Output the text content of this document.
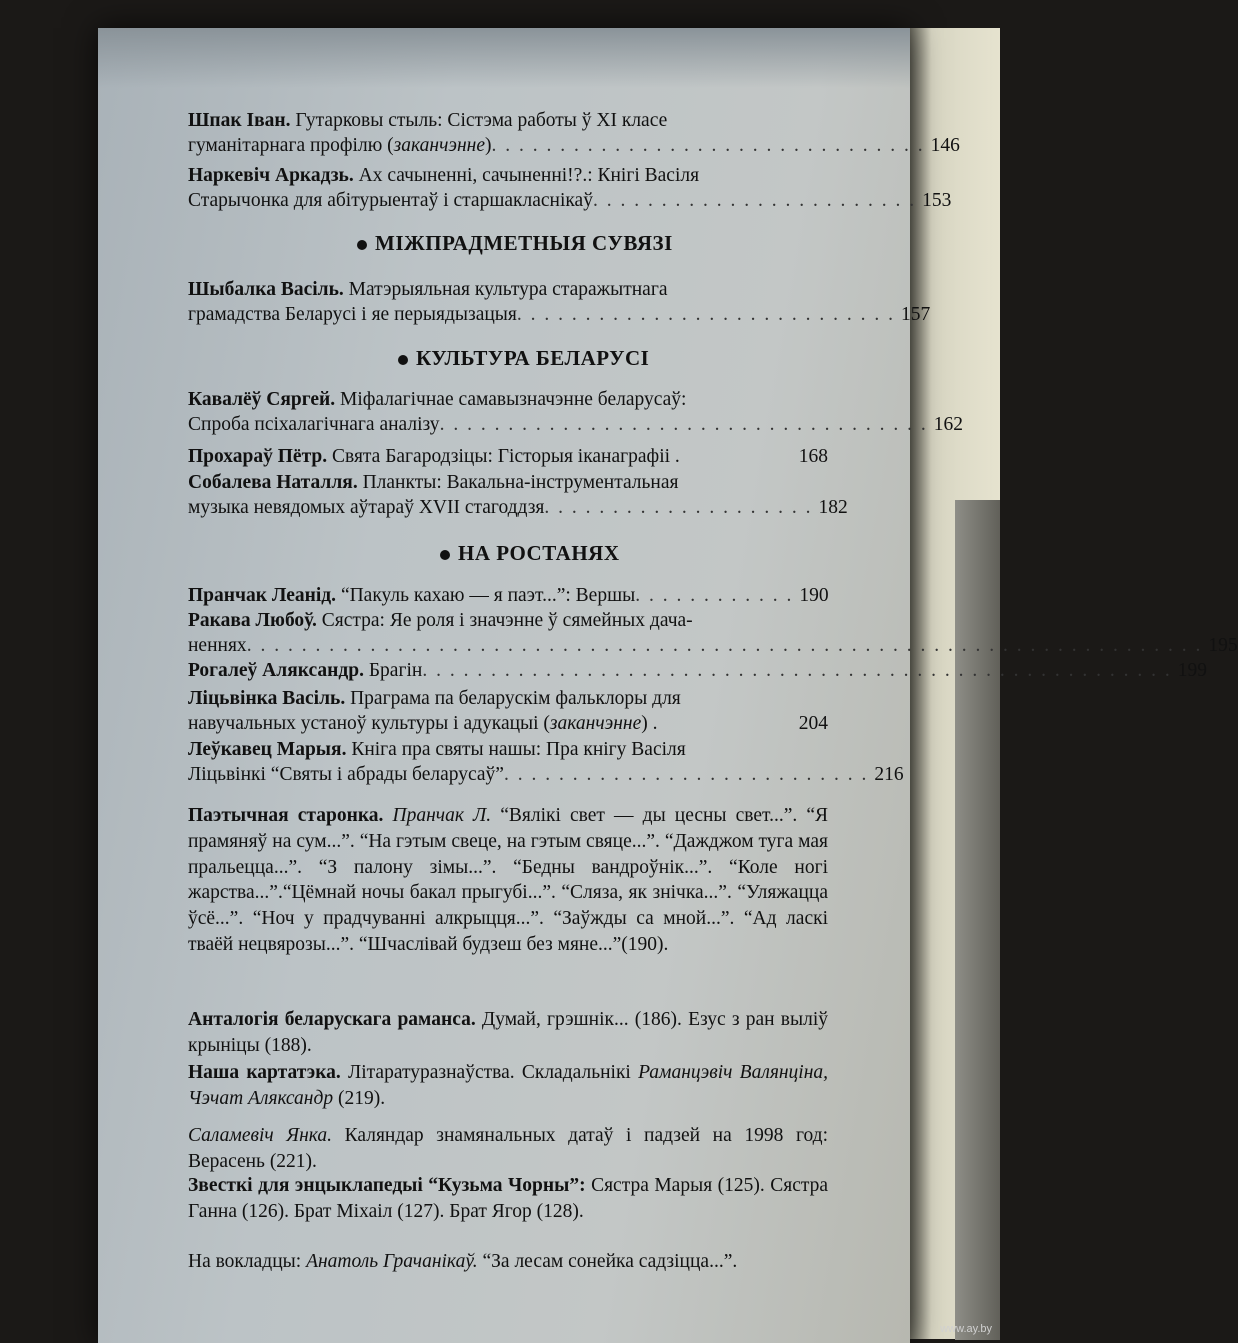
Шпак Іван.
Гутарковы стыль: Сістэма работы ў XI класе
гуманітарнага профілю ( заканчэнне ) . . . . . . . . . . . . . . . . . . . . . . . . . . . . . . . . 146
Наркевіч Аркадзь.
Ах сачыненні, сачыненні!?.: Кнігі Васіля
Старычонка для абітурыентаў і старшакласнікаў . . . . . . . . . . . . . . . . . . . . . . . . 153
МІЖПРАДМЕТНЫЯ СУВЯЗІ
Шыбалка Васіль.
Матэрыяльная культура старажытнага
грамадства Беларусі і яе перыядызацыя . . . . . . . . . . . . . . . . . . . . . . . . . . . . 157
КУЛЬТУРА БЕЛАРУСІ
Кавалёў Сяргей.
Міфалагічнае самавызначэнне беларусаў:
Спроба псіхалагічнага аналізу . . . . . . . . . . . . . . . . . . . . . . . . . . . . . . . . . . . . 162
Прохараў Пётр.
Свята Багародзіцы: Гісторыя іканаграфіі .	168
Собалева Наталля.
Планкты: Вакальна-інструментальная
музыка невядомых аўтараў XVII стагоддзя . . . . . . . . . . . . . . . . . . . . 182
НА РОСТАНЯХ
Пранчак Леанід.
“Пакуль кахаю — я паэт...”: Вершы . . . . . . . . . . . . 190
Ракава Любоў.
Сястра: Яе роля і значэнне ў сямейных дача-
неннях . . . . . . . . . . . . . . . . . . . . . . . . . . . . . . . . . . . . . . . . . . . . . . . . . . . . . . . . . . . . . . . . . . . . . . 195
Рогалеў Аляксандр.
Брагін . . . . . . . . . . . . . . . . . . . . . . . . . . . . . . . . . . . . . . . . . . . . . . . . . . . . . . . 199
Ліцьвінка Васіль.
Праграма па беларускім фальклоры для
навучальных устаноў культуры і адукацыі ( заканчэнне ) .	204
Леўкавец Марыя.
Кніга пра святы нашы: Пра кнігу Васіля
Ліцьвінкі “Святы і абрады беларусаў” . . . . . . . . . . . . . . . . . . . . . . . . . . . 216
Паэтычная старонка. Пранчак Л. “Вялікі свет — ды цесны свет...”. “Я прамяняў на сум...”. “На гэтым свеце, на гэтым свяце...”. “Дажджом туга мая пральецца...”. “З палону зімы...”. “Бедны вандроўнік...”. “Коле ногі жарства...”.“Цёмнай ночы бакал прыгубі...”. “Сляза, як знічка...”. “Уляжацца ўсё...”. “Ноч у прадчуванні алкрыцця...”. “Заўжды са мной...”. “Ад ласкі тваёй нецвярозы...”. “Шчаслівай будзеш без мяне...”(190).
Анталогія беларускага раманса. Думай, грэшнік... (186). Езус з ран выліў крыніцы (188).
Наша картатэка. Літаратуразнаўства. Складальнікі Раманцэвіч Валянціна, Чэчат Аляксандр (219).
Саламевіч Янка. Каляндар знамянальных датаў і падзей на 1998 год: Верасень (221).
Звесткі для энцыклапедыі “Кузьма Чорны”: Сястра Марыя (125). Сястра Ганна (126). Брат Міхаіл (127). Брат Ягор (128).
На вокладцы: Анатоль Грачанікаў. “За лесам сонейка садзіцца...”.
www.ay.by
